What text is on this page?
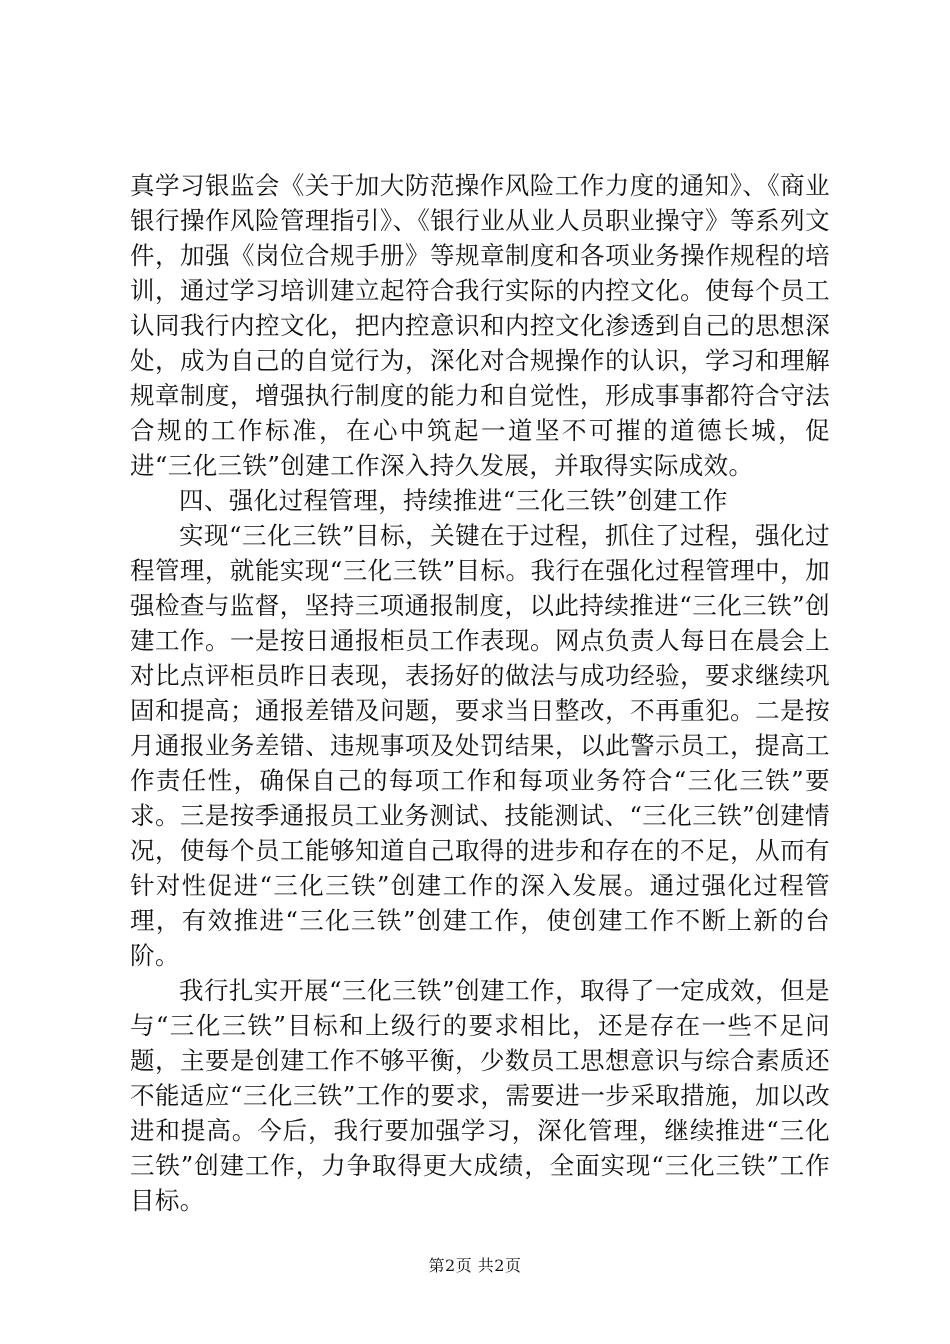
真学习银监会《关于加大防范操作风险工作力度的通知》、《商业银行操作风险管理指引》、《银行业从业人员职业操守》等系列文件，加强《岗位合规手册》等规章制度和各项业务操作规程的培训，通过学习培训建立起符合我行实际的内控文化。使每个员工认同我行内控文化，把内控意识和内控文化渗透到自己的思想深处，成为自己的自觉行为，深化对合规操作的认识，学习和理解规章制度，增强执行制度的能力和自觉性，形成事事都符合守法合规的工作标准，在心中筑起一道坚不可摧的道德长城，促进“三化三铁”创建工作深入持久发展，并取得实际成效。

四、强化过程管理，持续推进“三化三铁”创建工作

实现“三化三铁”目标，关键在于过程，抓住了过程，强化过程管理，就能实现“三化三铁”目标。我行在强化过程管理中，加强检查与监督，坚持三项通报制度，以此持续推进“三化三铁”创建工作。一是按日通报柜员工作表现。网点负责人每日在晨会上对比点评柜员昨日表现，表扬好的做法与成功经验，要求继续巩固和提高；通报差错及问题，要求当日整改，不再重犯。二是按月通报业务差错、违规事项及处罚结果，以此警示员工，提高工作责任性，确保自己的每项工作和每项业务符合“三化三铁”要求。三是按季通报员工业务测试、技能测试、“三化三铁”创建情况，使每个员工能够知道自己取得的进步和存在的不足，从而有针对性促进“三化三铁”创建工作的深入发展。通过强化过程管理，有效推进“三化三铁”创建工作，使创建工作不断上新的台阶。

我行扎实开展“三化三铁”创建工作，取得了一定成效，但是与“三化三铁”目标和上级行的要求相比，还是存在一些不足问题，主要是创建工作不够平衡，少数员工思想意识与综合素质还不能适应“三化三铁”工作的要求，需要进一步采取措施，加以改进和提高。今后，我行要加强学习，深化管理，继续推进“三化三铁”创建工作，力争取得更大成绩，全面实现“三化三铁”工作目标。

第2页 共2页
